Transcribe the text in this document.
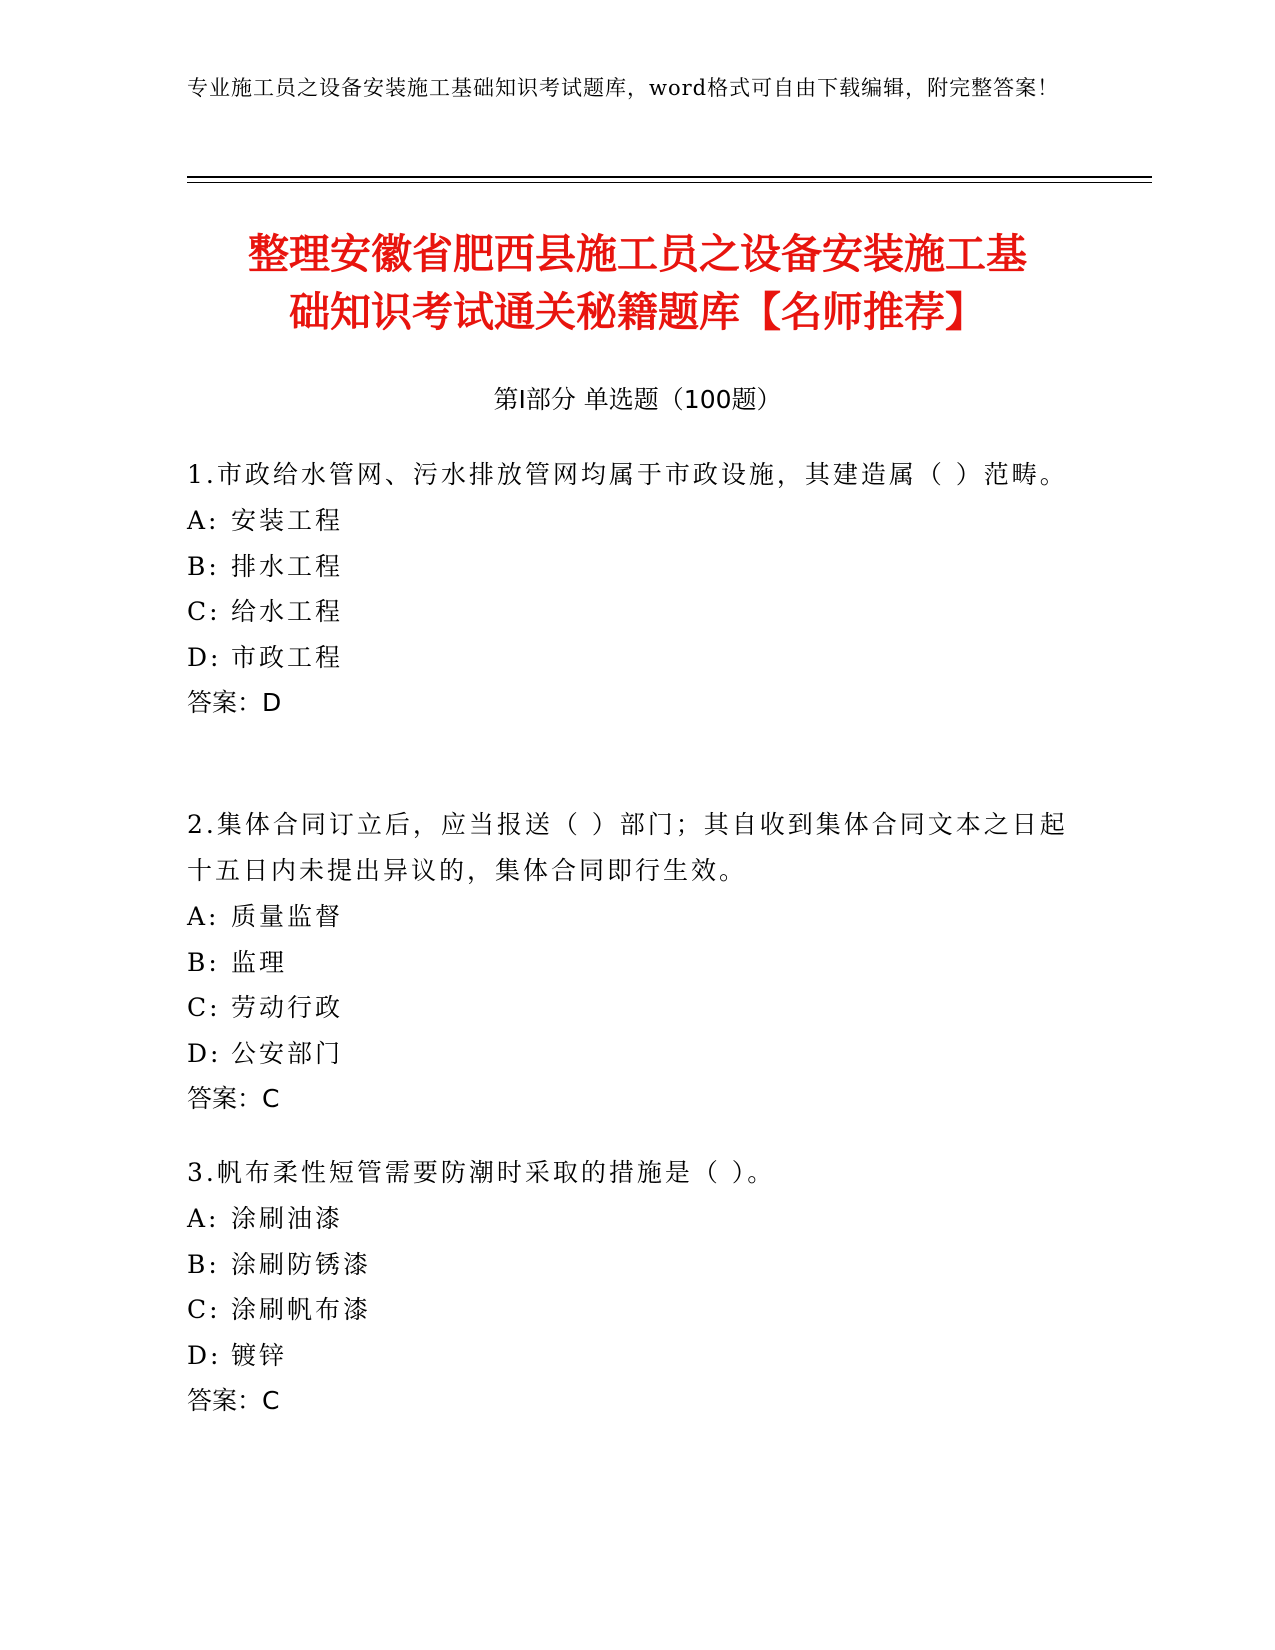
专业施工员之设备安装施工基础知识考试题库，word格式可自由下载编辑，附完整答案！
整理安徽省肥西县施工员之设备安装施工基
础知识考试通关秘籍题库【名师推荐】
第Ⅰ部分 单选题（100题）

1.市政给水管网、污水排放管网均属于市政设施，其建造属（ ）范畴。

A: 安装工程
B: 排水工程
C: 给水工程
D: 市政工程
答案：D

2.集体合同订立后，应当报送（ ）部门；其自收到集体合同文本之日起十五日内未提出异议的，集体合同即行生效。

A: 质量监督
B: 监理
C: 劳动行政
D: 公安部门
答案：C

3.帆布柔性短管需要防潮时采取的措施是（ ）。

A: 涂刷油漆
B: 涂刷防锈漆
C: 涂刷帆布漆
D: 镀锌
答案：C
